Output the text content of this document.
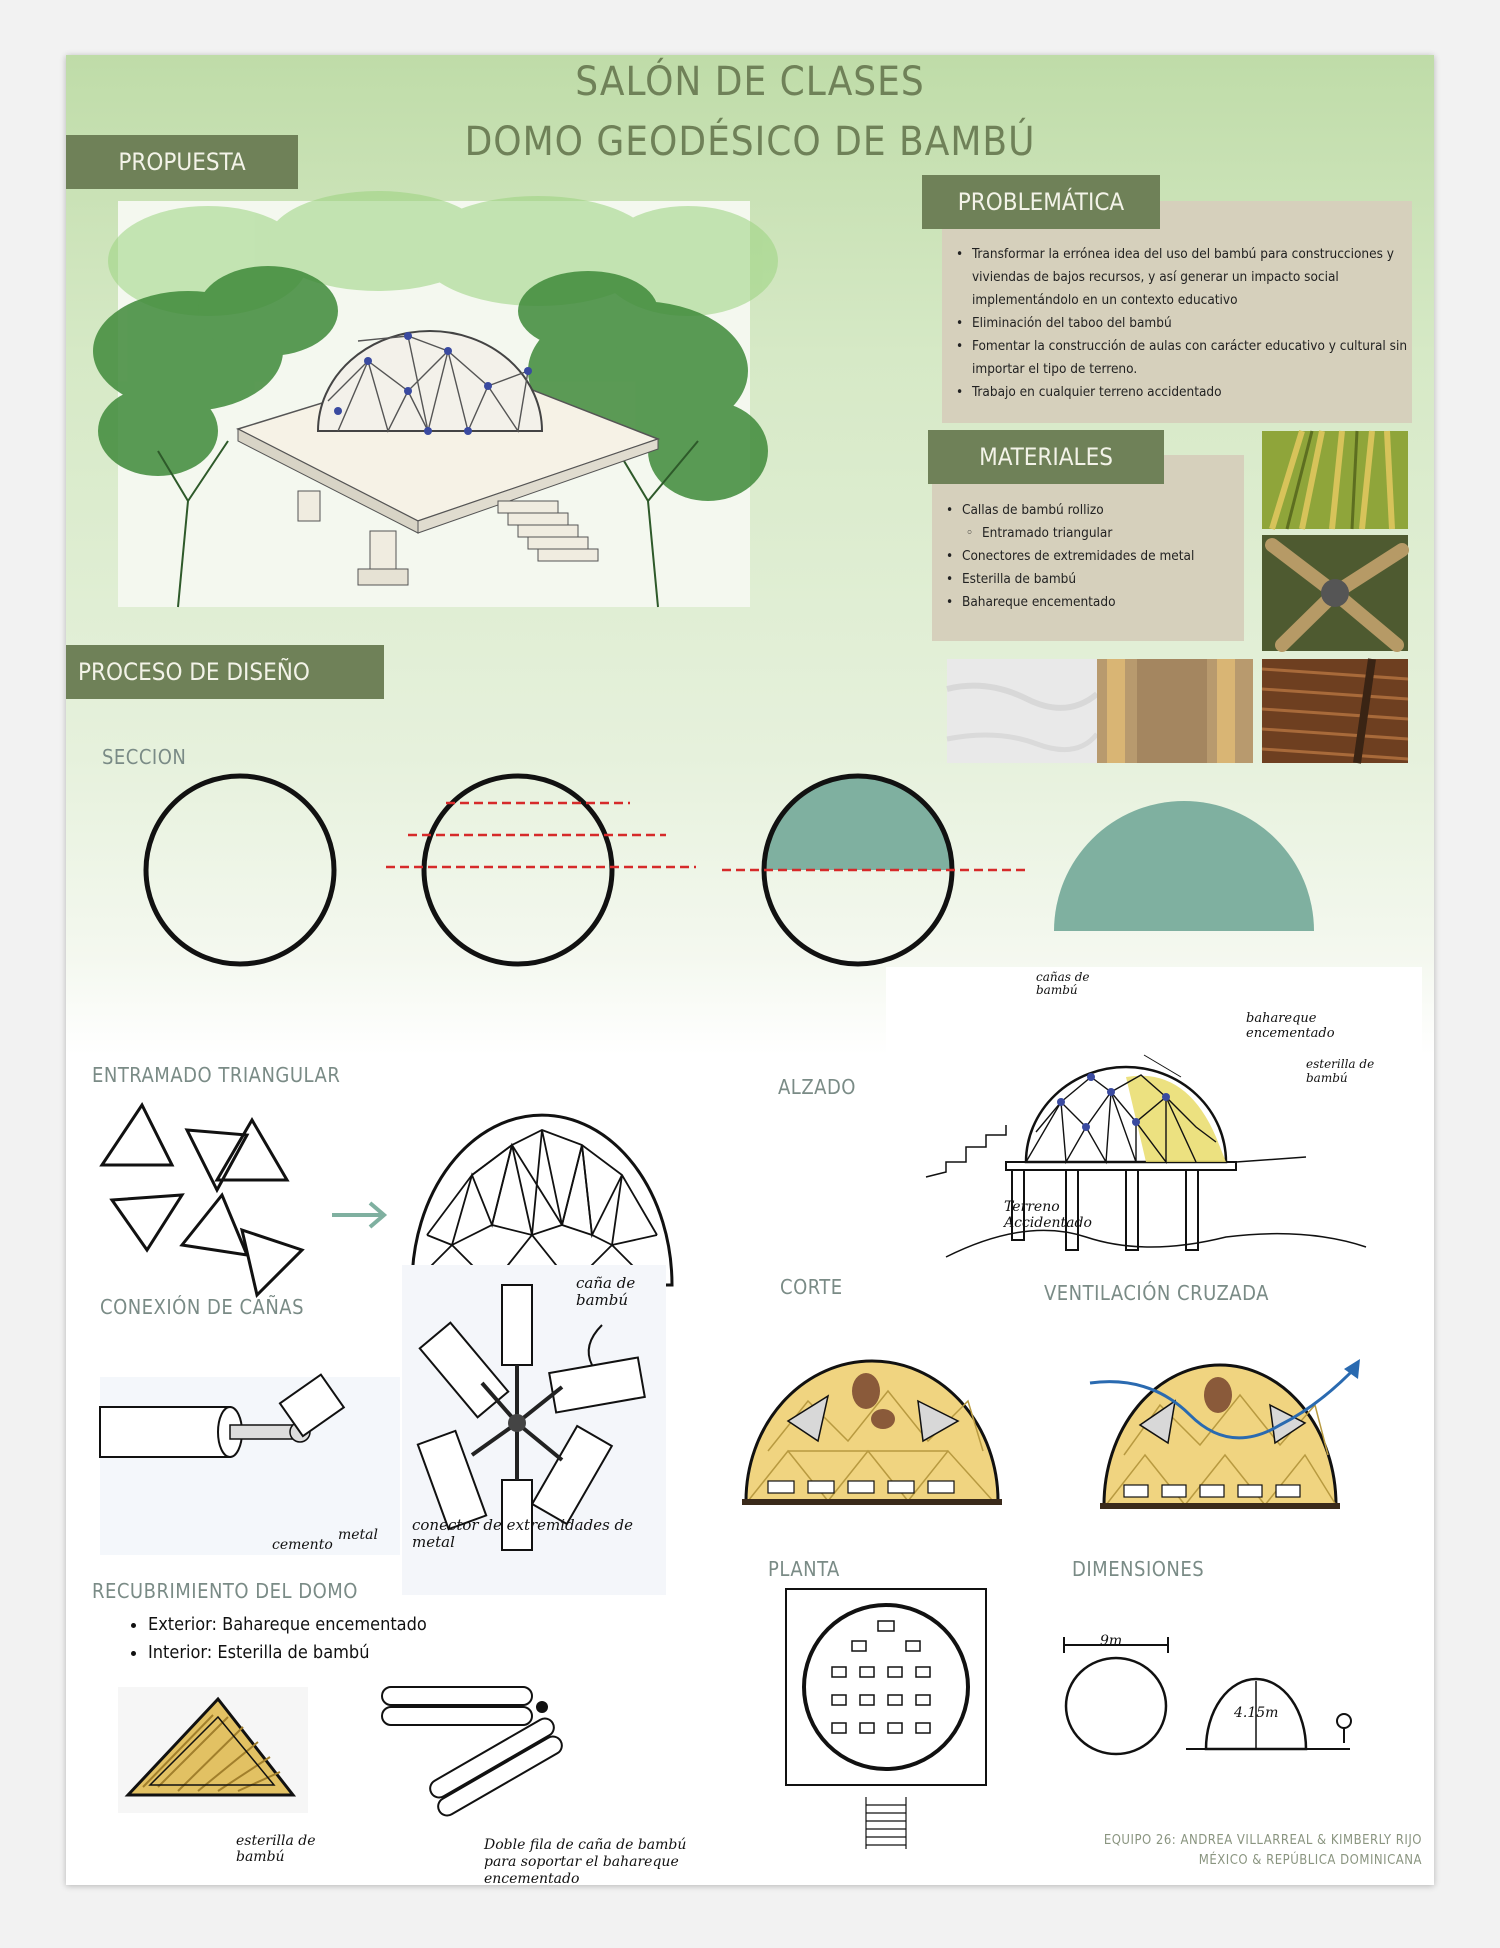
SALÓN DE CLASES
DOMO GEODÉSICO DE BAMBÚ
PROPUESTA
• Transformar la errónea idea del uso del bambú para construcciones y viviendas de bajos recursos, y así generar un impacto social implementándolo en un contexto educativo
• Eliminación del taboo del bambú
• Fomentar la construcción de aulas con carácter educativo y cultural sin importar el tipo de terreno.
• Trabajo en cualquier terreno accidentado
PROBLEMÁTICA
• Callas de bambú rollizo
◦ Entramado triangular
• Conectores de extremidades de metal
• Esterilla de bambú
• Bahareque encementado
MATERIALES
PROCESO DE DISEÑO
SECCION
ENTRAMADO TRIANGULAR	ALZADO
cañas de bambú
bahareque encementado
esterilla de bambú
Terreno Accidentado
CONEXIÓN DE CAÑAS
cemento
metal
caña de bambú
conector de extremidades de metal
CORTE	VENTILACIÓN CRUZADA
RECUBRIMIENTO DEL DOMO
• Exterior: Bahareque encementado
• Interior: Esterilla de bambú
esterilla de bambú
Doble fila de caña de bambú para soportar el bahareque encementado
PLANTA	DIMENSIONES
9m
4.15m
EQUIPO 26: ANDREA VILLARREAL & KIMBERLY RIJO
MÉXICO & REPÚBLICA DOMINICANA
